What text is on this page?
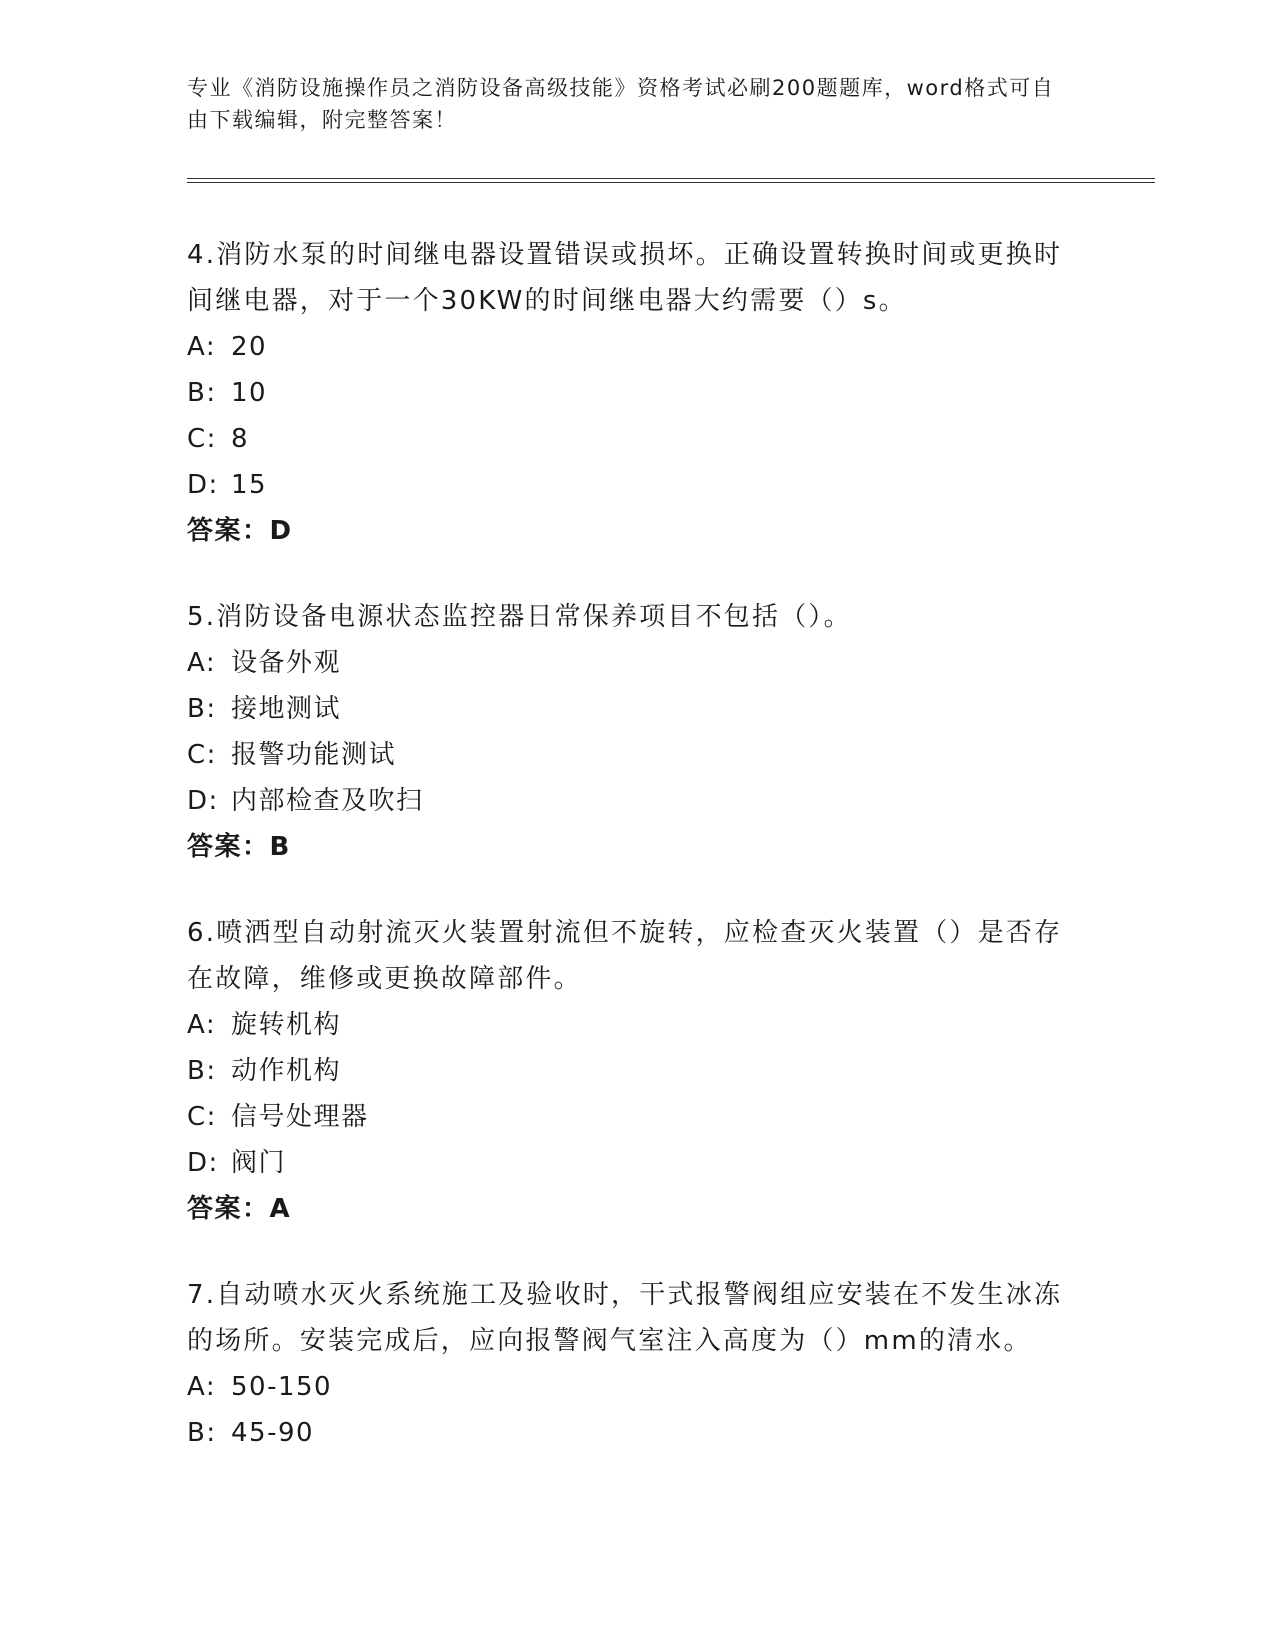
专业《消防设施操作员之消防设备高级技能》资格考试必刷200题题库，word格式可自由下载编辑，附完整答案！

4.消防水泵的时间继电器设置错误或损坏。正确设置转换时间或更换时间继电器，对于一个30KW的时间继电器大约需要（）s。

A: 20

B: 10

C: 8

D: 15

答案：D

5.消防设备电源状态监控器日常保养项目不包括（）。

A: 设备外观

B: 接地测试

C: 报警功能测试

D: 内部检查及吹扫

答案：B

6.喷洒型自动射流灭火装置射流但不旋转，应检查灭火装置（）是否存在故障，维修或更换故障部件。

A: 旋转机构

B: 动作机构

C: 信号处理器

D: 阀门

答案：A

7.自动喷水灭火系统施工及验收时，干式报警阀组应安装在不发生冰冻的场所。安装完成后，应向报警阀气室注入高度为（）mm的清水。

A: 50-150

B: 45-90
